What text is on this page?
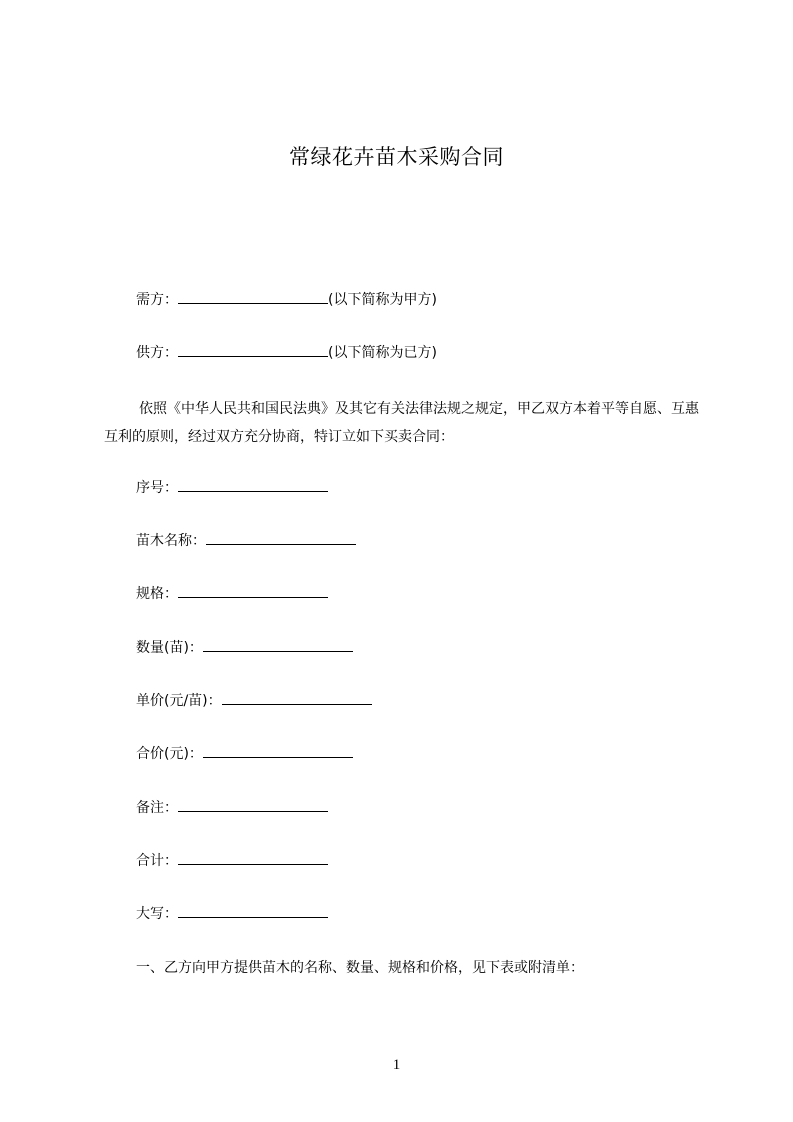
常绿花卉苗木采购合同
需方：	(以下简称为甲方)
供方：	(以下简称为已方)
依照《中华人民共和国民法典》及其它有关法律法规之规定，甲乙双方本着平等自愿、互惠互利的原则，经过双方充分协商，特订立如下买卖合同：
序号：
苗木名称：
规格：
数量(苗)：
单价(元/苗)：
合价(元)：
备注：
合计：
大写：
一、乙方向甲方提供苗木的名称、数量、规格和价格，见下表或附清单：
1
